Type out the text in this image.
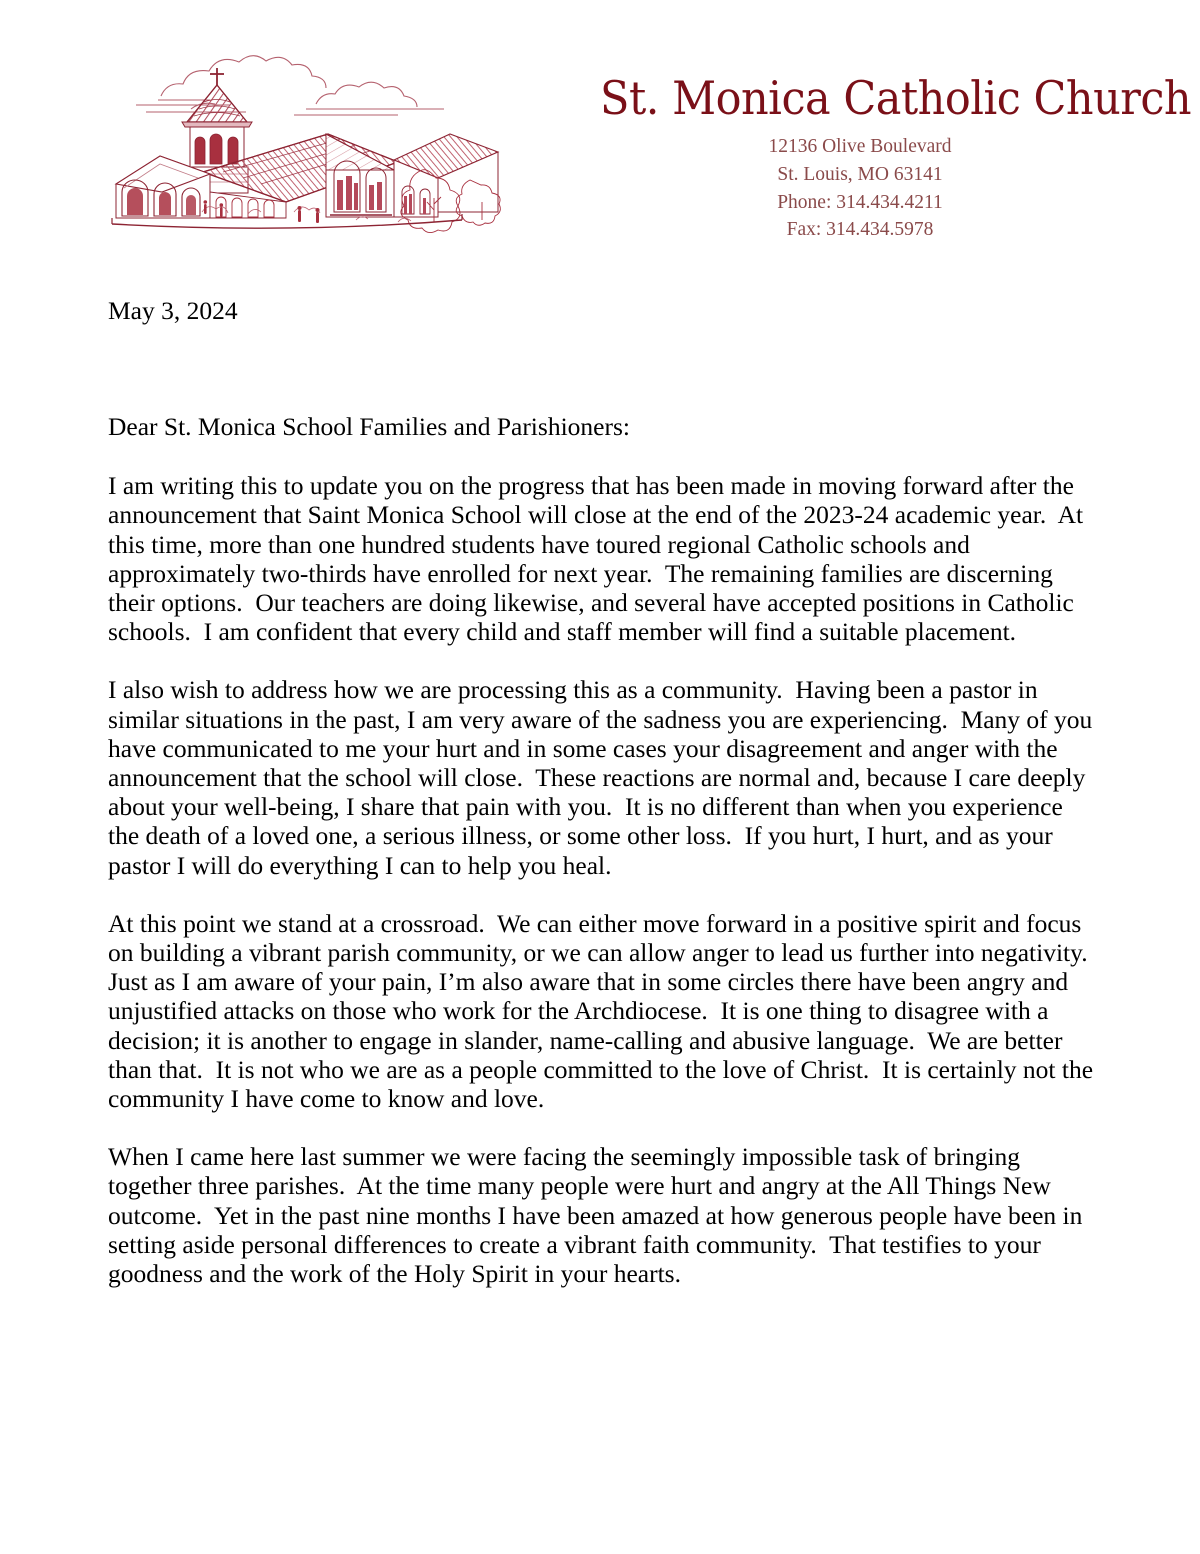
St. Monica Catholic Church
12136 Olive Boulevard
St. Louis, MO 63141
Phone: 314.434.4211
Fax: 314.434.5978

May 3, 2024

Dear St. Monica School Families and Parishioners:

I am writing this to update you on the progress that has been made in moving forward after the announcement that Saint Monica School will close at the end of the 2023-24 academic year.  At this time, more than one hundred students have toured regional Catholic schools and approximately two-thirds have enrolled for next year.  The remaining families are discerning their options.  Our teachers are doing likewise, and several have accepted positions in Catholic schools.  I am confident that every child and staff member will find a suitable placement.

I also wish to address how we are processing this as a community.  Having been a pastor in similar situations in the past, I am very aware of the sadness you are experiencing.  Many of you have communicated to me your hurt and in some cases your disagreement and anger with the announcement that the school will close.  These reactions are normal and, because I care deeply about your well-being, I share that pain with you.  It is no different than when you experience the death of a loved one, a serious illness, or some other loss.  If you hurt, I hurt, and as your pastor I will do everything I can to help you heal.

At this point we stand at a crossroad.  We can either move forward in a positive spirit and focus on building a vibrant parish community, or we can allow anger to lead us further into negativity.  Just as I am aware of your pain, I’m also aware that in some circles there have been angry and unjustified attacks on those who work for the Archdiocese.  It is one thing to disagree with a decision; it is another to engage in slander, name-calling and abusive language.  We are better than that.  It is not who we are as a people committed to the love of Christ.  It is certainly not the community I have come to know and love.

When I came here last summer we were facing the seemingly impossible task of bringing together three parishes.  At the time many people were hurt and angry at the All Things New outcome.  Yet in the past nine months I have been amazed at how generous people have been in setting aside personal differences to create a vibrant faith community.  That testifies to your goodness and the work of the Holy Spirit in your hearts.
